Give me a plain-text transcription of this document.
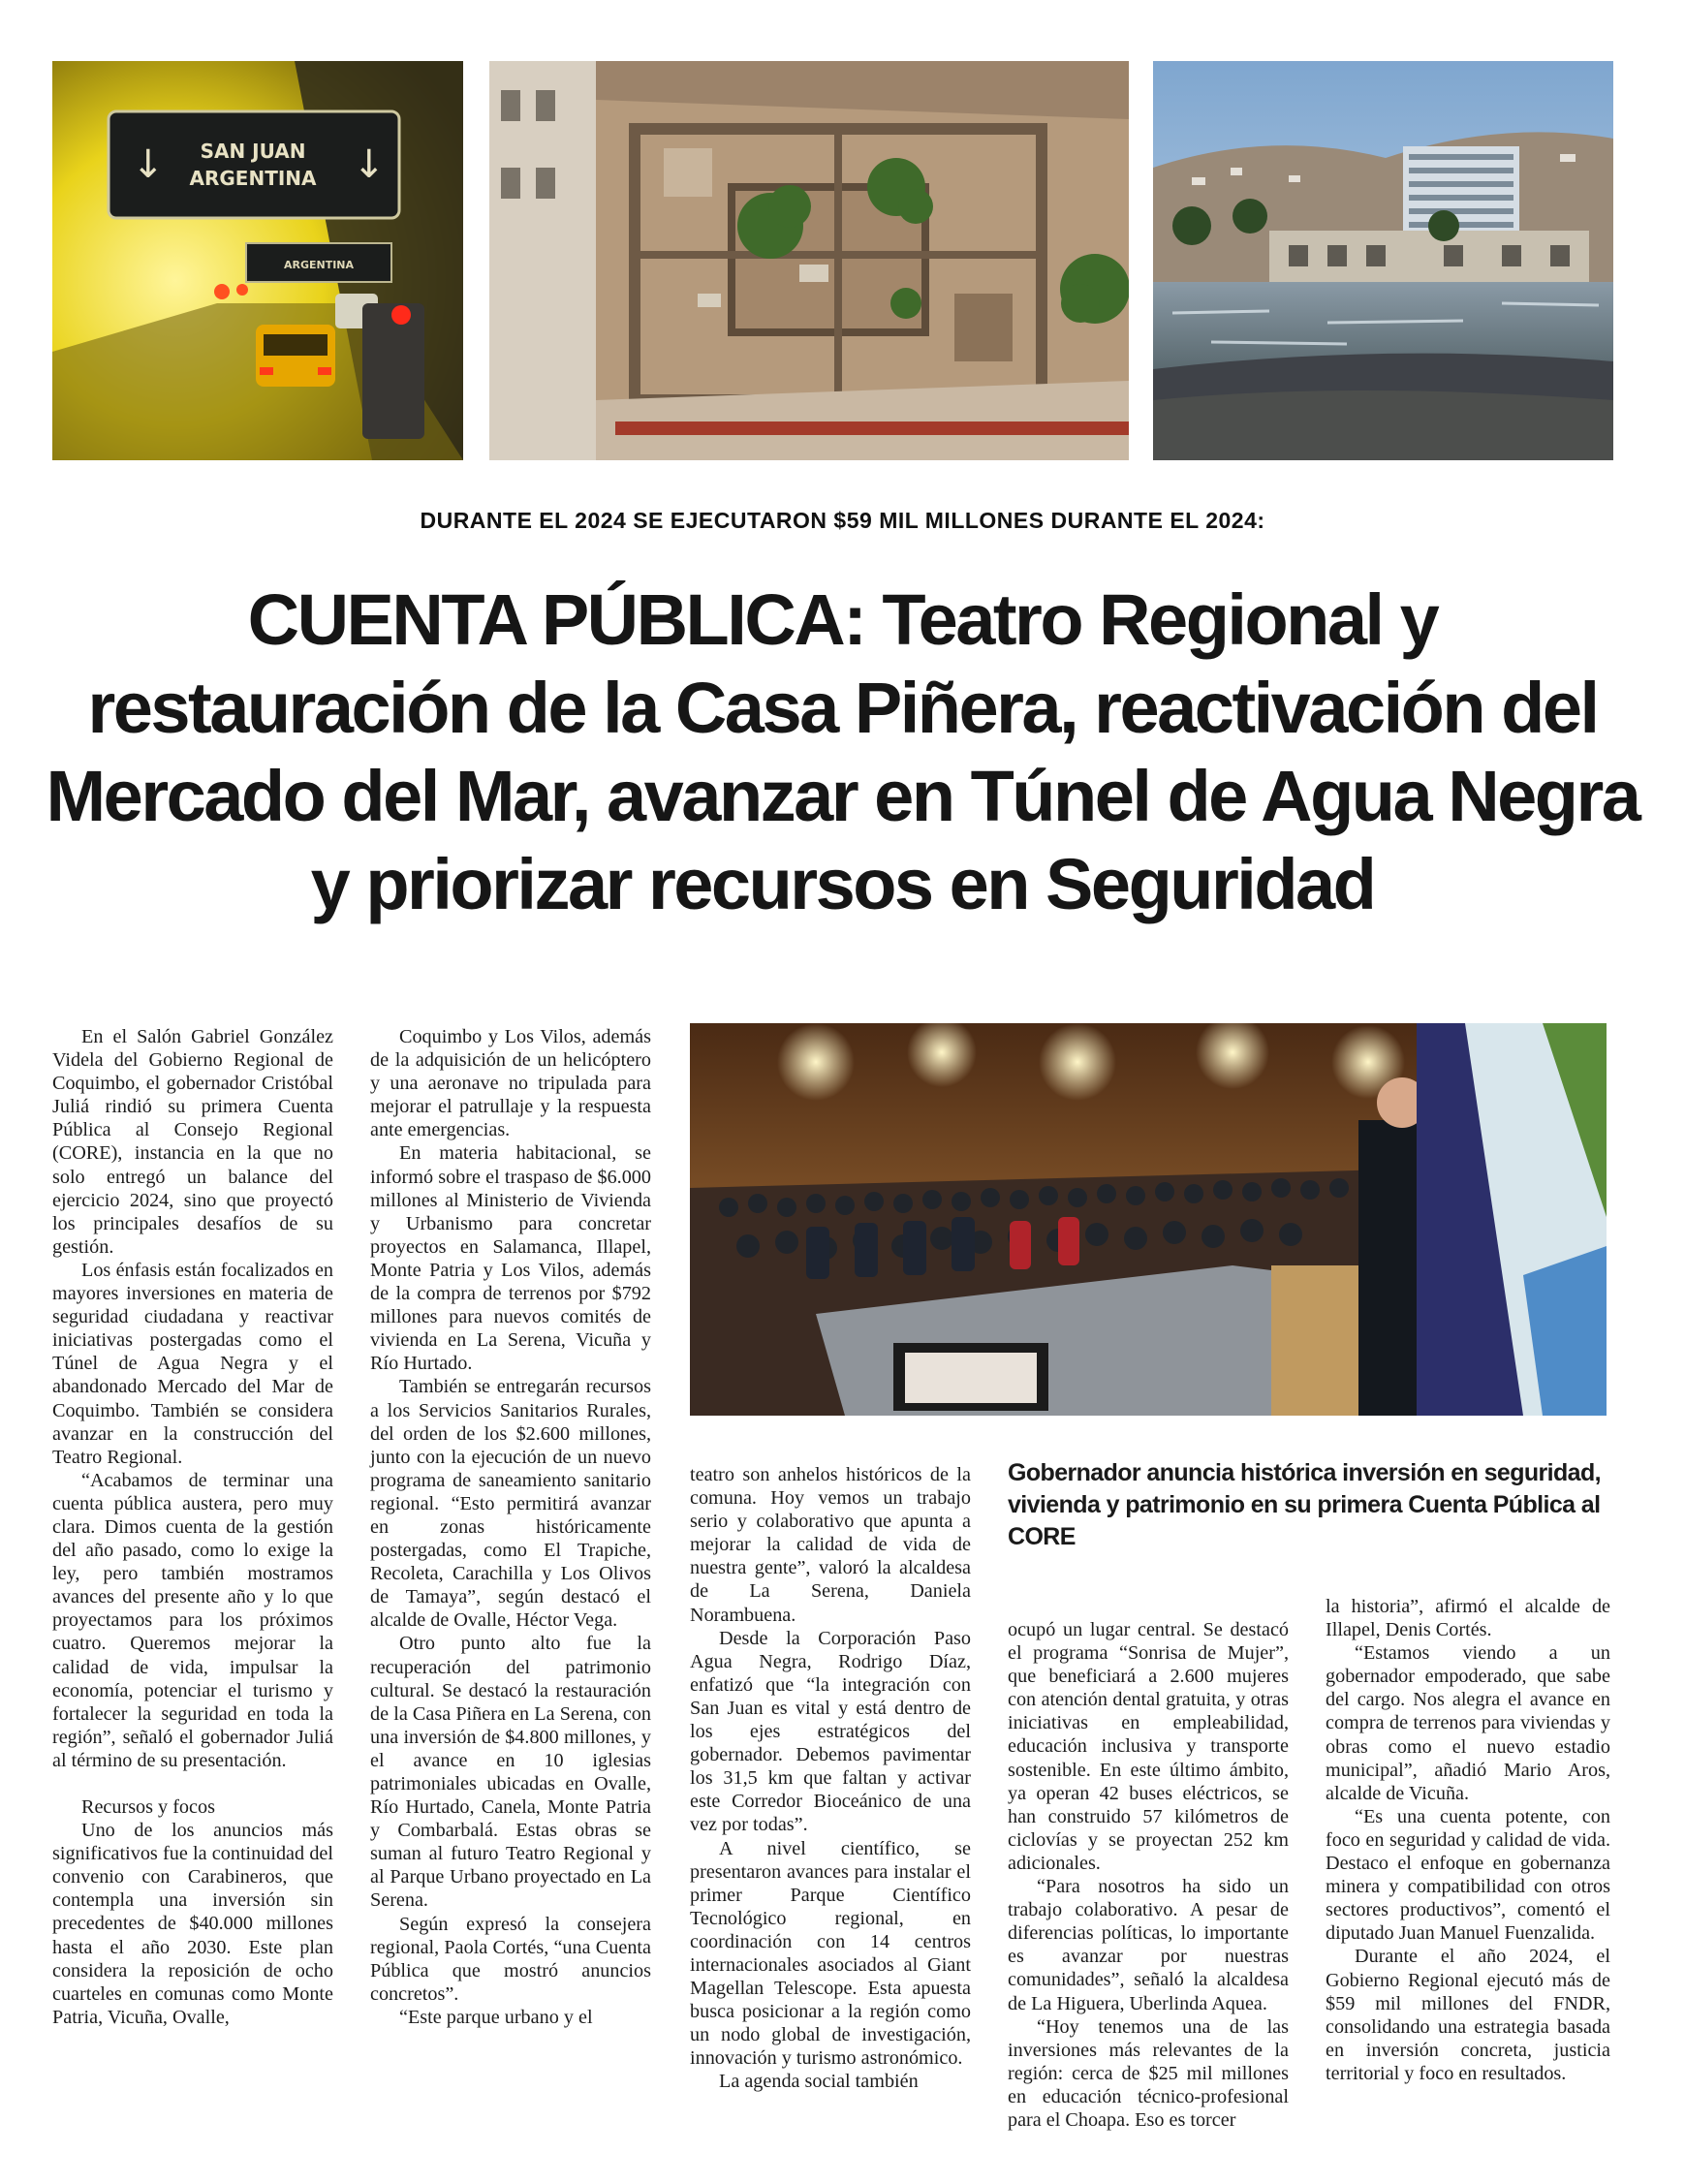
↓	↓
SAN JUAN
ARGENTINA
ARGENTINA
DURANTE EL 2024 SE EJECUTARON $59 MIL MILLONES DURANTE EL 2024:
CUENTA PÚBLICA: Teatro Regional y restauración de la Casa Piñera, reactivación del Mercado del Mar, avanzar en Túnel de Agua Negra y priorizar recursos en Seguridad

En el Salón Gabriel González Videla del Gobierno Regional de Coquimbo, el gobernador Cristóbal Juliá rindió su primera Cuenta Pública al Consejo Regional (CORE), instancia en la que no solo entregó un balance del ejercicio 2024, sino que proyectó los principales desafíos de su gestión.

Los énfasis están focalizados en mayores inversiones en materia de seguridad ciudadana y reactivar iniciativas postergadas como el Túnel de Agua Negra y el abandonado Mercado del Mar de Coquimbo. También se considera avanzar en la construcción del Teatro Regional.

“Acabamos de terminar una cuenta pública austera, pero muy clara. Dimos cuenta de la gestión del año pasado, como lo exige la ley, pero también mostramos avances del presente año y lo que proyectamos para los próximos cuatro. Queremos mejorar la calidad de vida, impulsar la economía, potenciar el turismo y fortalecer la seguridad en toda la región”, señaló el gobernador Juliá al término de su presentación.

Recursos y focos

Uno de los anuncios más significativos fue la continuidad del convenio con Carabineros, que contempla una inversión sin precedentes de $40.000 millones hasta el año 2030. Este plan considera la reposición de ocho cuarteles en comunas como Monte Patria, Vicuña, Ovalle,

Coquimbo y Los Vilos, además de la adquisición de un helicóptero y una aeronave no tripulada para mejorar el patrullaje y la respuesta ante emergencias.

En materia habitacional, se informó sobre el traspaso de $6.000 millones al Ministerio de Vivienda y Urbanismo para concretar proyectos en Salamanca, Illapel, Monte Patria y Los Vilos, además de la compra de terrenos por $792 millones para nuevos comités de vivienda en La Serena, Vicuña y Río Hurtado.

También se entregarán recursos a los Servicios Sanitarios Rurales, del orden de los $2.600 millones, junto con la ejecución de un nuevo programa de saneamiento sanitario regional. “Esto permitirá avanzar en zonas históricamente postergadas, como El Trapiche, Recoleta, Carachilla y Los Olivos de Tamaya”, según destacó el alcalde de Ovalle, Héctor Vega.

Otro punto alto fue la recuperación del patrimonio cultural. Se destacó la restauración de la Casa Piñera en La Serena, con una inversión de $4.800 millones, y el avance en 10 iglesias patrimoniales ubicadas en Ovalle, Río Hurtado, Canela, Monte Patria y Combarbalá. Estas obras se suman al futuro Teatro Regional y al Parque Urbano proyectado en La Serena.

Según expresó la consejera regional, Paola Cortés, “una Cuenta Pública que mostró anuncios concretos”.

“Este parque urbano y el

teatro son anhelos históricos de la comuna. Hoy vemos un trabajo serio y colaborativo que apunta a mejorar la calidad de vida de nuestra gente”, valoró la alcaldesa de La Serena, Daniela Norambuena.

Desde la Corporación Paso Agua Negra, Rodrigo Díaz, enfatizó que “la integración con San Juan es vital y está dentro de los ejes estratégicos del gobernador. Debemos pavimentar los 31,5 km que faltan y activar este Corredor Bioceánico de una vez por todas”.

A nivel científico, se presentaron avances para instalar el primer Parque Científico Tecnológico regional, en coordinación con 14 centros internacionales asociados al Giant Magellan Telescope. Esta apuesta busca posicionar a la región como un nodo global de investigación, innovación y turismo astronómico.

La agenda social también

Gobernador anuncia histórica inversión en seguridad, vivienda y patrimonio en su primera Cuenta Pública al CORE

ocupó un lugar central. Se destacó el programa “Sonrisa de Mujer”, que beneficiará a 2.600 mujeres con atención dental gratuita, y otras iniciativas en empleabilidad, educación inclusiva y transporte sostenible. En este último ámbito, ya operan 42 buses eléctricos, se han construido 57 kilómetros de ciclovías y se proyectan 252 km adicionales.

“Para nosotros ha sido un trabajo colaborativo. A pesar de diferencias políticas, lo importante es avanzar por nuestras comunidades”, señaló la alcaldesa de La Higuera, Uberlinda Aquea.

“Hoy tenemos una de las inversiones más relevantes de la región: cerca de $25 mil millones en educación técnico-profesional para el Choapa. Eso es torcer

la historia”, afirmó el alcalde de Illapel, Denis Cortés.

“Estamos viendo a un gobernador empoderado, que sabe del cargo. Nos alegra el avance en compra de terrenos para viviendas y obras como el nuevo estadio municipal”, añadió Mario Aros, alcalde de Vicuña.

“Es una cuenta potente, con foco en seguridad y calidad de vida. Destaco el enfoque en gobernanza minera y compatibilidad con otros sectores productivos”, comentó el diputado Juan Manuel Fuenzalida.

Durante el año 2024, el Gobierno Regional ejecutó más de $59 mil millones del FNDR, consolidando una estrategia basada en inversión concreta, justicia territorial y foco en resultados.
